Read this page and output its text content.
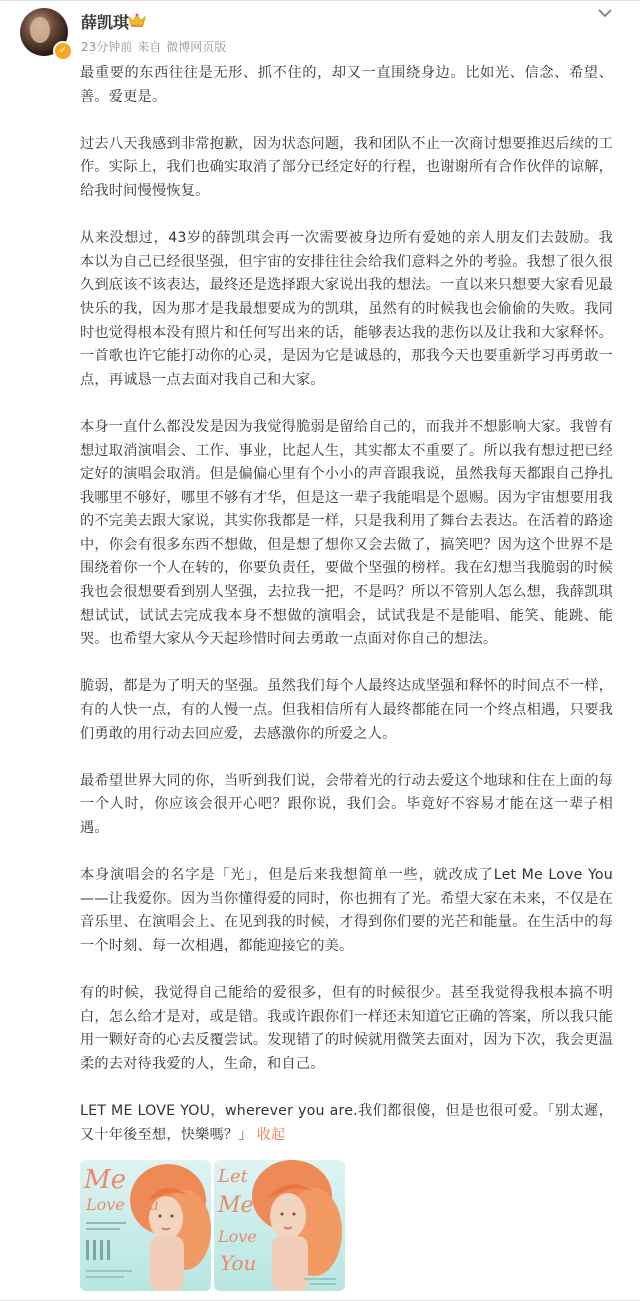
✓
薛凯琪
23分钟前 来自 微博网页版

最重要的东西往往是无形、抓不住的，却又一直围绕身边。比如光、信念、希望、善。爱更是。

过去八天我感到非常抱歉，因为状态问题，我和团队不止一次商讨想要推迟后续的工作。实际上，我们也确实取消了部分已经定好的行程，也谢谢所有合作伙伴的谅解，给我时间慢慢恢复。

从来没想过，43岁的薛凯琪会再一次需要被身边所有爱她的亲人朋友们去鼓励。我本以为自己已经很坚强，但宇宙的安排往往会给我们意料之外的考验。我想了很久很久到底该不该表达，最终还是选择跟大家说出我的想法。一直以来只想要大家看见最快乐的我，因为那才是我最想要成为的凯琪，虽然有的时候我也会偷偷的失败。我同时也觉得根本没有照片和任何写出来的话，能够表达我的悲伤以及让我和大家释怀。一首歌也许它能打动你的心灵，是因为它是诚恳的，那我今天也要重新学习再勇敢一点，再诚恳一点去面对我自己和大家。

本身一直什么都没发是因为我觉得脆弱是留给自己的，而我并不想影响大家。我曾有想过取消演唱会、工作、事业，比起人生，其实都太不重要了。所以我有想过把已经定好的演唱会取消。但是偏偏心里有个小小的声音跟我说，虽然我每天都跟自己挣扎我哪里不够好，哪里不够有才华，但是这一辈子我能唱是个恩赐。因为宇宙想要用我的不完美去跟大家说，其实你我都是一样，只是我利用了舞台去表达。在活着的路途中，你会有很多东西不想做，但是想了想你又会去做了，搞笑吧？因为这个世界不是围绕着你一个人在转的，你要负责任，要做个坚强的榜样。我在幻想当我脆弱的时候我也会很想要看到别人坚强，去拉我一把，不是吗？所以不管别人怎么想，我薛凯琪想试试，试试去完成我本身不想做的演唱会，试试我是不是能唱、能笑、能跳、能哭。也希望大家从今天起珍惜时间去勇敢一点面对你自己的想法。

脆弱，都是为了明天的坚强。虽然我们每个人最终达成坚强和释怀的时间点不一样，有的人快一点，有的人慢一点。但我相信所有人最终都能在同一个终点相遇，只要我们勇敢的用行动去回应爱，去感激你的所爱之人。

最希望世界大同的你，当听到我们说，会带着光的行动去爱这个地球和住在上面的每一个人时，你应该会很开心吧？跟你说，我们会。毕竟好不容易才能在这一辈子相遇。

本身演唱会的名字是「光」，但是后来我想简单一些，就改成了Let Me Love You——让我爱你。因为当你懂得爱的同时，你也拥有了光。希望大家在未来，不仅是在音乐里、在演唱会上、在见到我的时候，才得到你们要的光芒和能量。在生活中的每一个时刻、每一次相遇，都能迎接它的美。

有的时候，我觉得自己能给的爱很多，但有的时候很少。甚至我觉得我根本搞不明白，怎么给才是对，或是错。我或许跟你们一样还未知道它正确的答案，所以我只能用一颗好奇的心去反覆尝试。发现错了的时候就用微笑去面对，因为下次，我会更温柔的去对待我爱的人，生命，和自己。

LET ME LOVE YOU，wherever you are.我们都很傻，但是也很可爱。「别太遲，又十年後至想，快樂嗎？」 收起

Me
Love You
Let
Me
Love
You
